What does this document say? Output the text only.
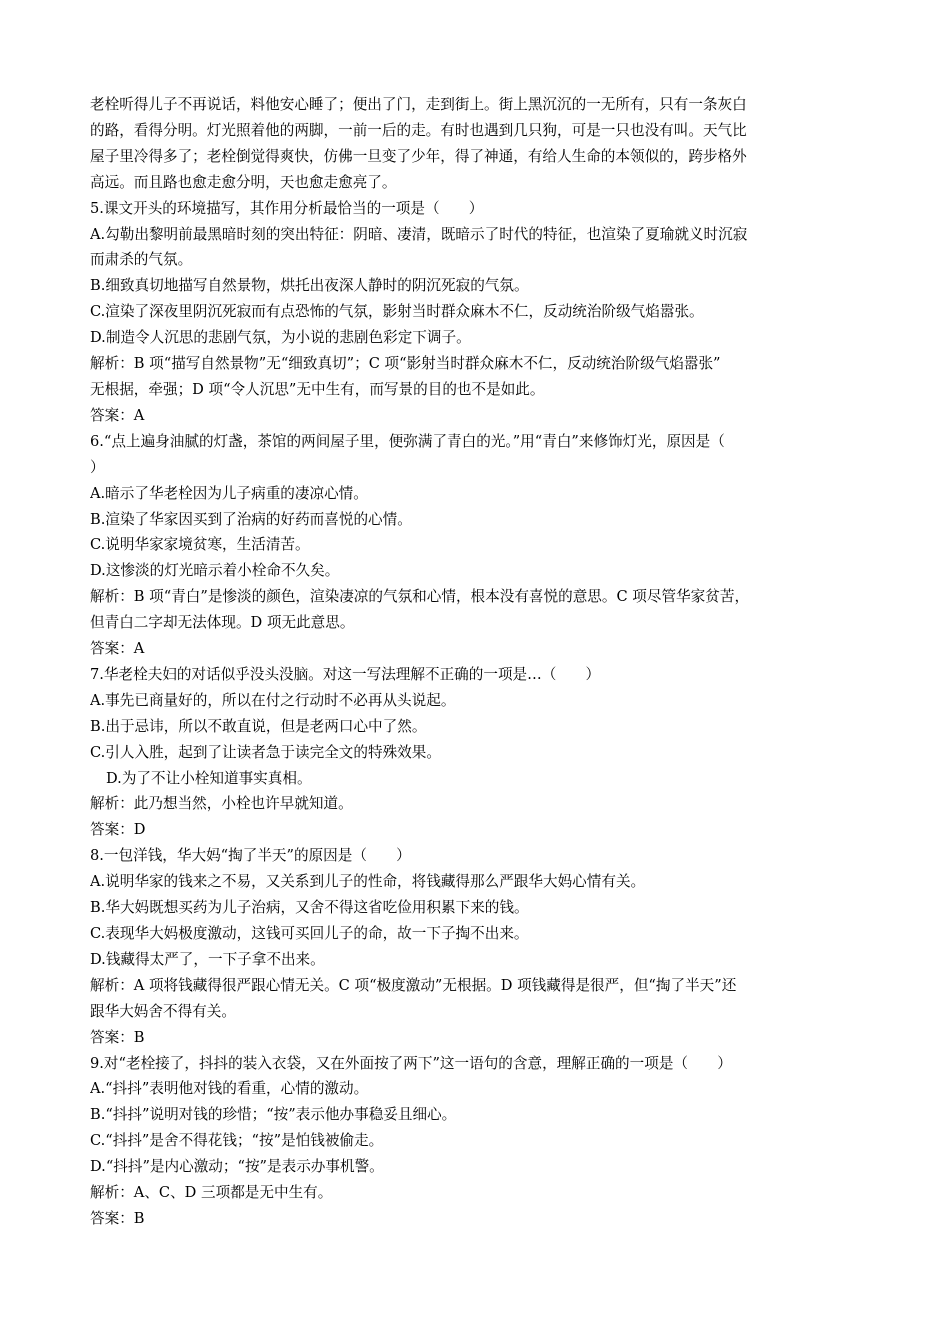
老栓听得儿子不再说话，料他安心睡了；便出了门，走到街上。街上黑沉沉的一无所有，只有一条灰白
的路，看得分明。灯光照着他的两脚，一前一后的走。有时也遇到几只狗，可是一只也没有叫。天气比
屋子里冷得多了；老栓倒觉得爽快，仿佛一旦变了少年，得了神通，有给人生命的本领似的，跨步格外
高远。而且路也愈走愈分明，天也愈走愈亮了。
5.课文开头的环境描写，其作用分析最恰当的一项是（　　）
A.勾勒出黎明前最黑暗时刻的突出特征：阴暗、凄清，既暗示了时代的特征，也渲染了夏瑜就义时沉寂
而肃杀的气氛。
B.细致真切地描写自然景物，烘托出夜深人静时的阴沉死寂的气氛。
C.渲染了深夜里阴沉死寂而有点恐怖的气氛，影射当时群众麻木不仁，反动统治阶级气焰嚣张。
D.制造令人沉思的悲剧气氛，为小说的悲剧色彩定下调子。
解析：B 项“描写自然景物”无“细致真切”；C 项“影射当时群众麻木不仁，反动统治阶级气焰嚣张”
无根据，牵强；D 项“令人沉思”无中生有，而写景的目的也不是如此。
答案：A
6.“点上遍身油腻的灯盏，茶馆的两间屋子里，便弥满了青白的光。”用“青白”来修饰灯光，原因是（
）
A.暗示了华老栓因为儿子病重的凄凉心情。
B.渲染了华家因买到了治病的好药而喜悦的心情。
C.说明华家家境贫寒，生活清苦。
D.这惨淡的灯光暗示着小栓命不久矣。
解析：B 项“青白”是惨淡的颜色，渲染凄凉的气氛和心情，根本没有喜悦的意思。C 项尽管华家贫苦，
但青白二字却无法体现。D 项无此意思。
答案：A
7.华老栓夫妇的对话似乎没头没脑。对这一写法理解不正确的一项是…（　　）
A.事先已商量好的，所以在付之行动时不必再从头说起。
B.出于忌讳，所以不敢直说，但是老两口心中了然。
C.引人入胜，起到了让读者急于读完全文的特殊效果。
D.为了不让小栓知道事实真相。
解析：此乃想当然，小栓也许早就知道。
答案：D
8.一包洋钱，华大妈“掏了半天”的原因是（　　）
A.说明华家的钱来之不易，又关系到儿子的性命，将钱藏得那么严跟华大妈心情有关。
B.华大妈既想买药为儿子治病，又舍不得这省吃俭用积累下来的钱。
C.表现华大妈极度激动，这钱可买回儿子的命，故一下子掏不出来。
D.钱藏得太严了，一下子拿不出来。
解析：A 项将钱藏得很严跟心情无关。C 项“极度激动”无根据。D 项钱藏得是很严，但“掏了半天”还
跟华大妈舍不得有关。
答案：B
9.对“老栓接了，抖抖的装入衣袋，又在外面按了两下”这一语句的含意，理解正确的一项是（　　）
A.“抖抖”表明他对钱的看重，心情的激动。
B.“抖抖”说明对钱的珍惜；“按”表示他办事稳妥且细心。
C.“抖抖”是舍不得花钱；“按”是怕钱被偷走。
D.“抖抖”是内心激动；“按”是表示办事机警。
解析：A、C、D 三项都是无中生有。
答案：B
